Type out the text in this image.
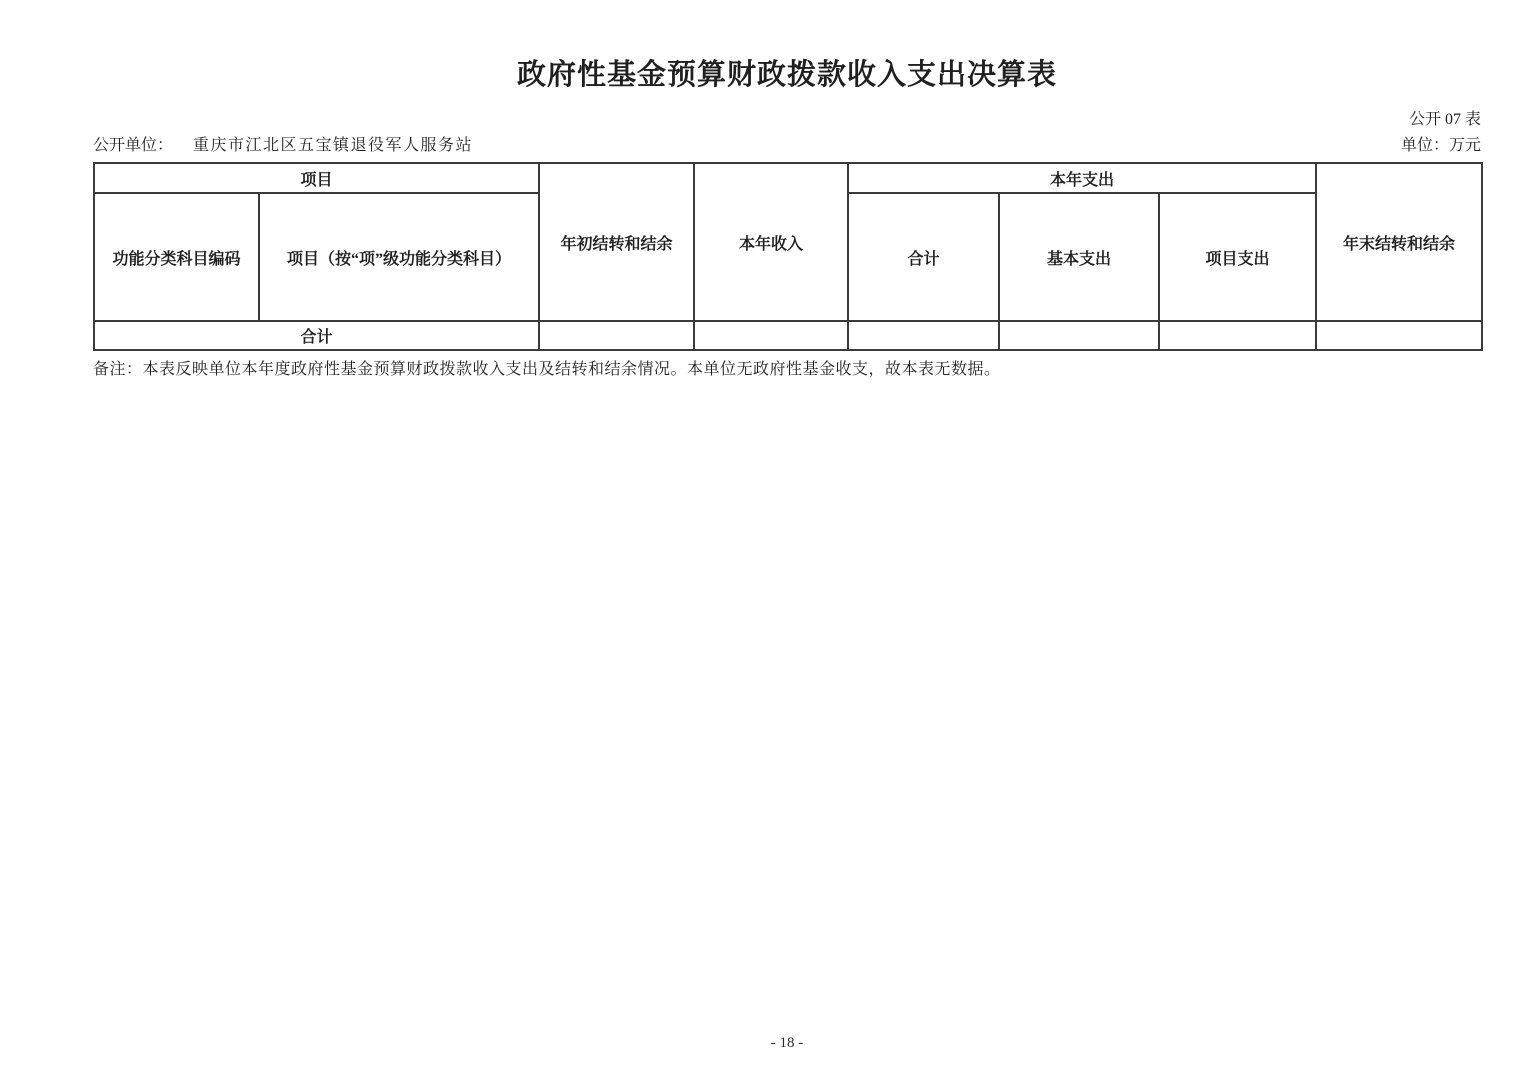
政府性基金预算财政拨款收入支出决算表
公开 07 表
公开单位： 重庆市江北区五宝镇退役军人服务站	单位：万元
项目		年初结转和结余	本年收入	本年支出			年末结转和结余
功能分类科目编码	项目（按“项”级功能分类科目）			合计	基本支出	项目支出	
合计							
备注：本表反映单位本年度政府性基金预算财政拨款收入支出及结转和结余情况。本单位无政府性基金收支，故本表无数据。
- 18 -
